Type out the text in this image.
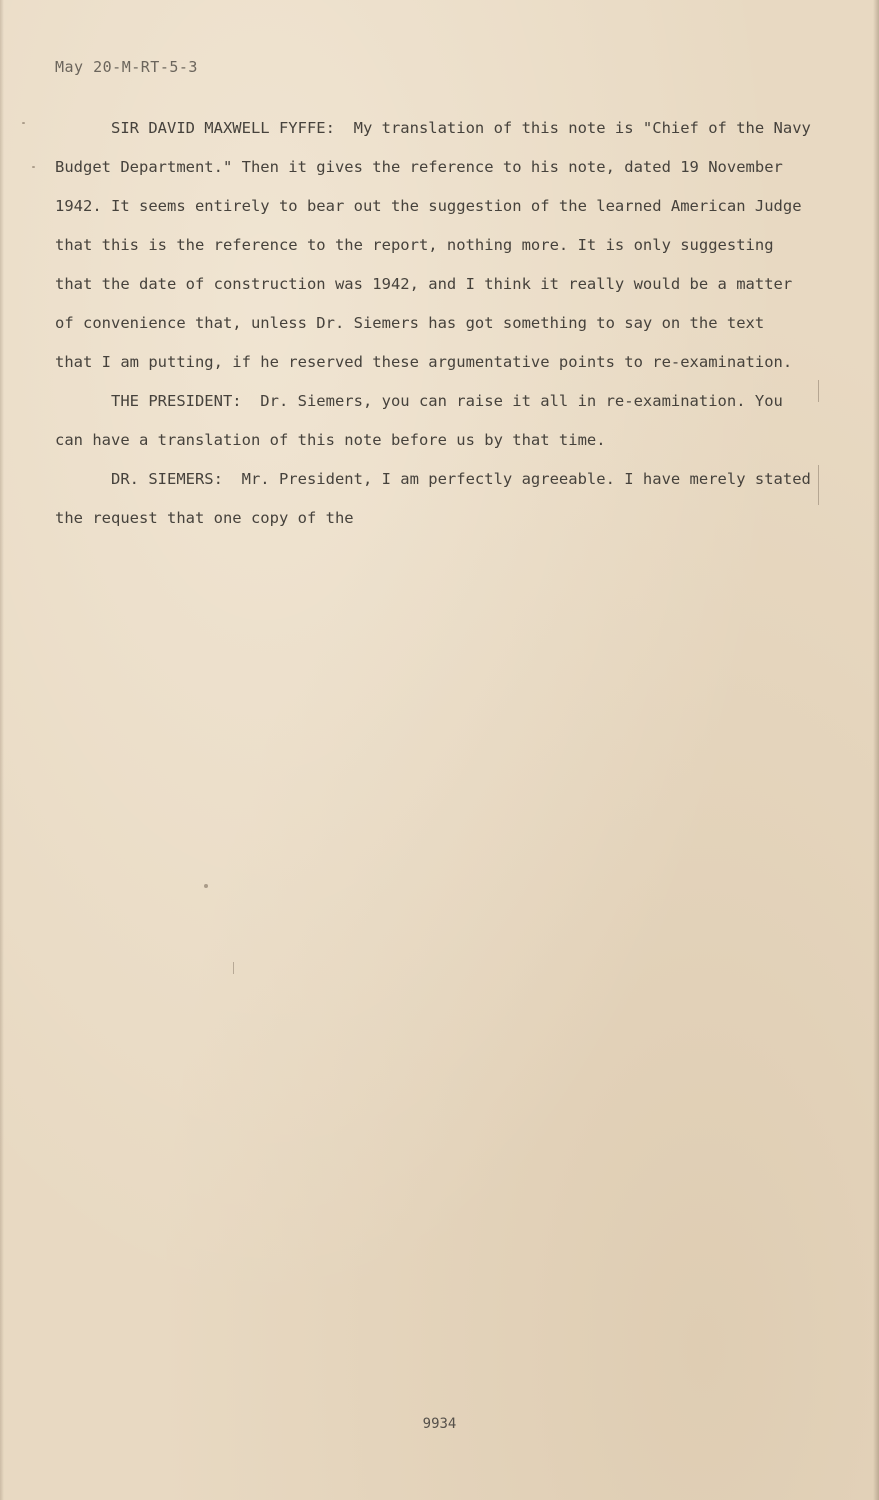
May 20-M-RT-5-3
SIR DAVID MAXWELL FYFFE:  My translation of this note is "Chief of the Navy
Budget Department." Then it gives the reference to his note, dated 19 November
1942. It seems entirely to bear out the suggestion of the learned American Judge
that this is the reference to the report, nothing more. It is only suggesting
that the date of construction was 1942, and I think it really would be a matter
of convenience that, unless Dr. Siemers has got something to say on the text
that I am putting, if he reserved these argumentative points to re-examination.
THE PRESIDENT:  Dr. Siemers, you can raise it all in re-examination. You
can have a translation of this note before us by that time.
DR. SIEMERS:  Mr. President, I am perfectly agreeable. I have merely stated
the request that one copy of the
9934
